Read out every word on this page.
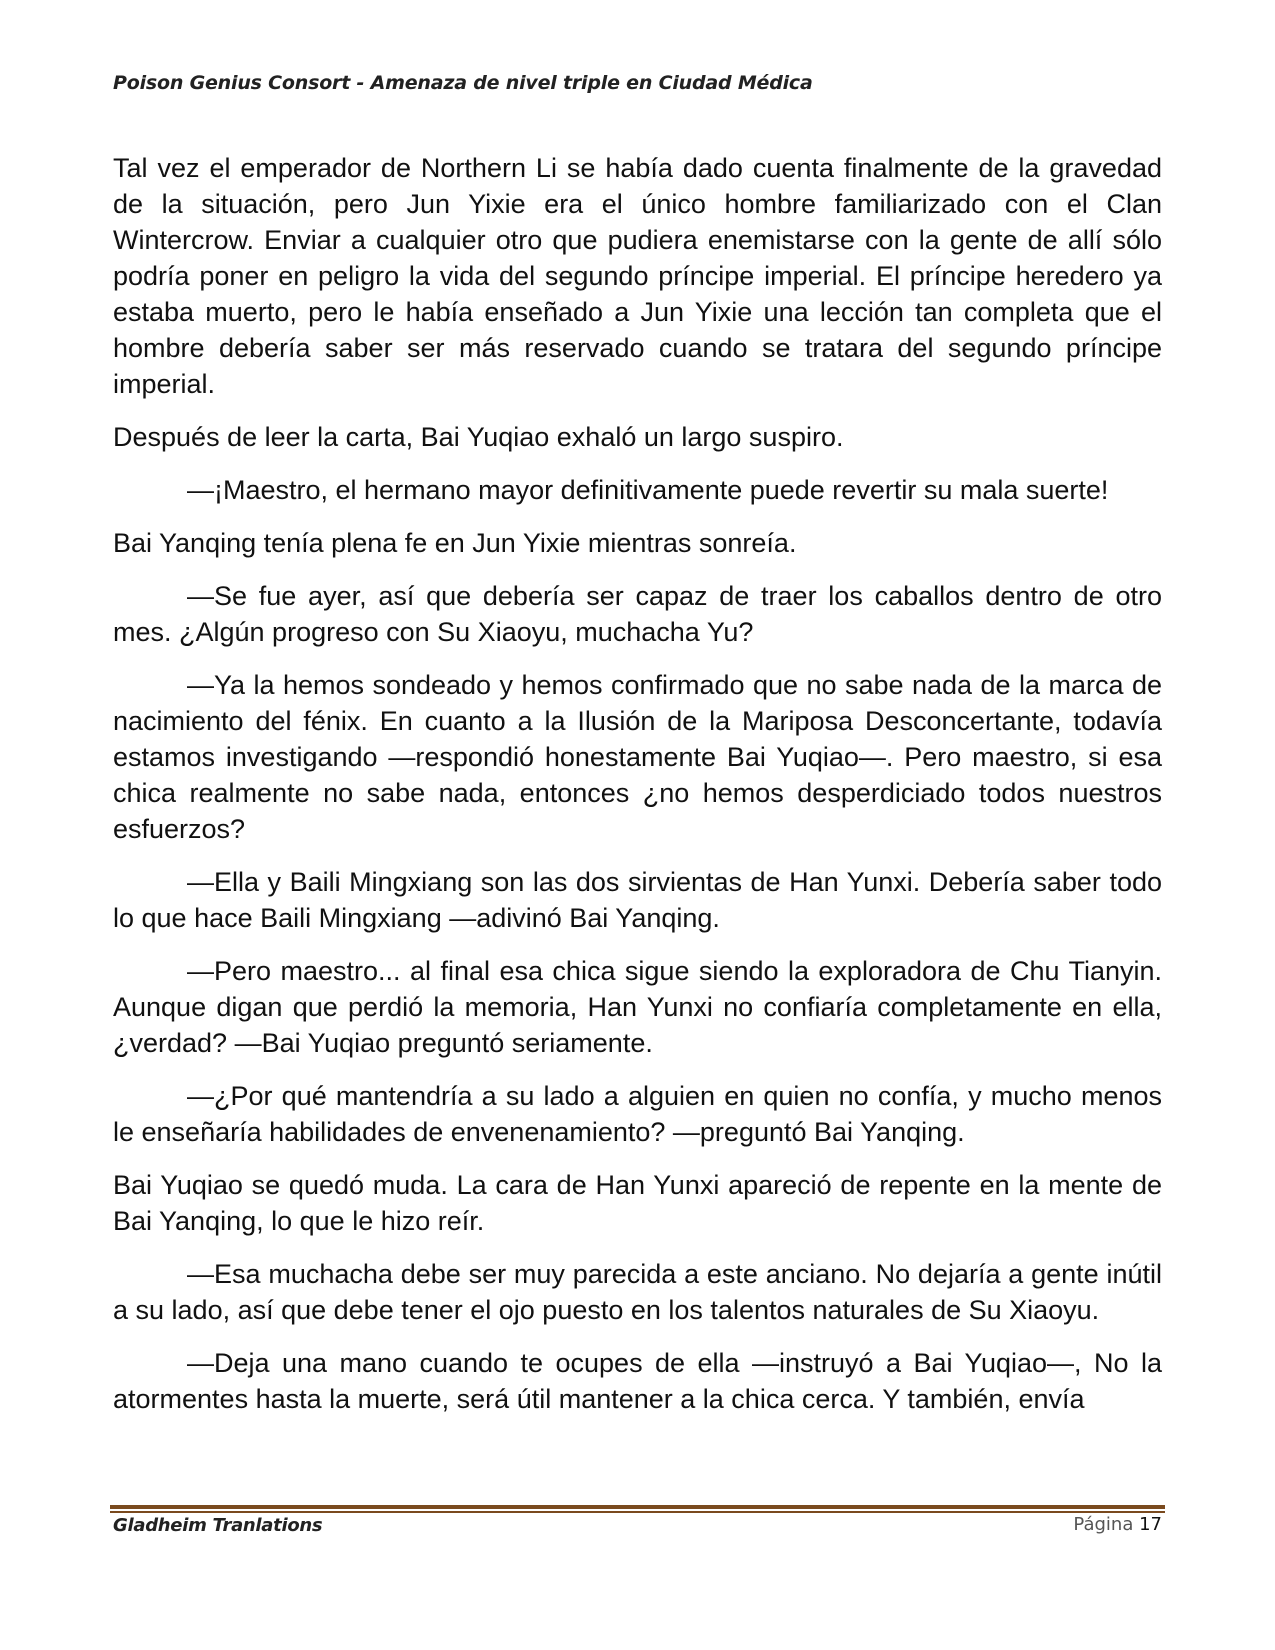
Poison Genius Consort - Amenaza de nivel triple en Ciudad Médica

Tal vez el emperador de Northern Li se había dado cuenta finalmente de la gravedad de la situación, pero Jun Yixie era el único hombre familiarizado con el Clan Wintercrow. Enviar a cualquier otro que pudiera enemistarse con la gente de allí sólo podría poner en peligro la vida del segundo príncipe imperial. El príncipe heredero ya estaba muerto, pero le había enseñado a Jun Yixie una lección tan completa que el hombre debería saber ser más reservado cuando se tratara del segundo príncipe imperial.

Después de leer la carta, Bai Yuqiao exhaló un largo suspiro.

—¡Maestro, el hermano mayor definitivamente puede revertir su mala suerte!

Bai Yanqing tenía plena fe en Jun Yixie mientras sonreía.

—Se fue ayer, así que debería ser capaz de traer los caballos dentro de otro mes. ¿Algún progreso con Su Xiaoyu, muchacha Yu?

—Ya la hemos sondeado y hemos confirmado que no sabe nada de la marca de nacimiento del fénix. En cuanto a la Ilusión de la Mariposa Desconcertante, todavía estamos investigando —respondió honestamente Bai Yuqiao—. Pero maestro, si esa chica realmente no sabe nada, entonces ¿no hemos desperdiciado todos nuestros esfuerzos?

—Ella y Baili Mingxiang son las dos sirvientas de Han Yunxi. Debería saber todo lo que hace Baili Mingxiang —adivinó Bai Yanqing.

—Pero maestro... al final esa chica sigue siendo la exploradora de Chu Tianyin. Aunque digan que perdió la memoria, Han Yunxi no confiaría completamente en ella, ¿verdad? —Bai Yuqiao preguntó seriamente.

—¿Por qué mantendría a su lado a alguien en quien no confía, y mucho menos le enseñaría habilidades de envenenamiento? —preguntó Bai Yanqing.

Bai Yuqiao se quedó muda. La cara de Han Yunxi apareció de repente en la mente de Bai Yanqing, lo que le hizo reír.

—Esa muchacha debe ser muy parecida a este anciano. No dejaría a gente inútil a su lado, así que debe tener el ojo puesto en los talentos naturales de Su Xiaoyu.

—Deja una mano cuando te ocupes de ella —instruyó a Bai Yuqiao—, No la atormentes hasta la muerte, será útil mantener a la chica cerca. Y también, envía

Gladheim Tranlations	Página 17
